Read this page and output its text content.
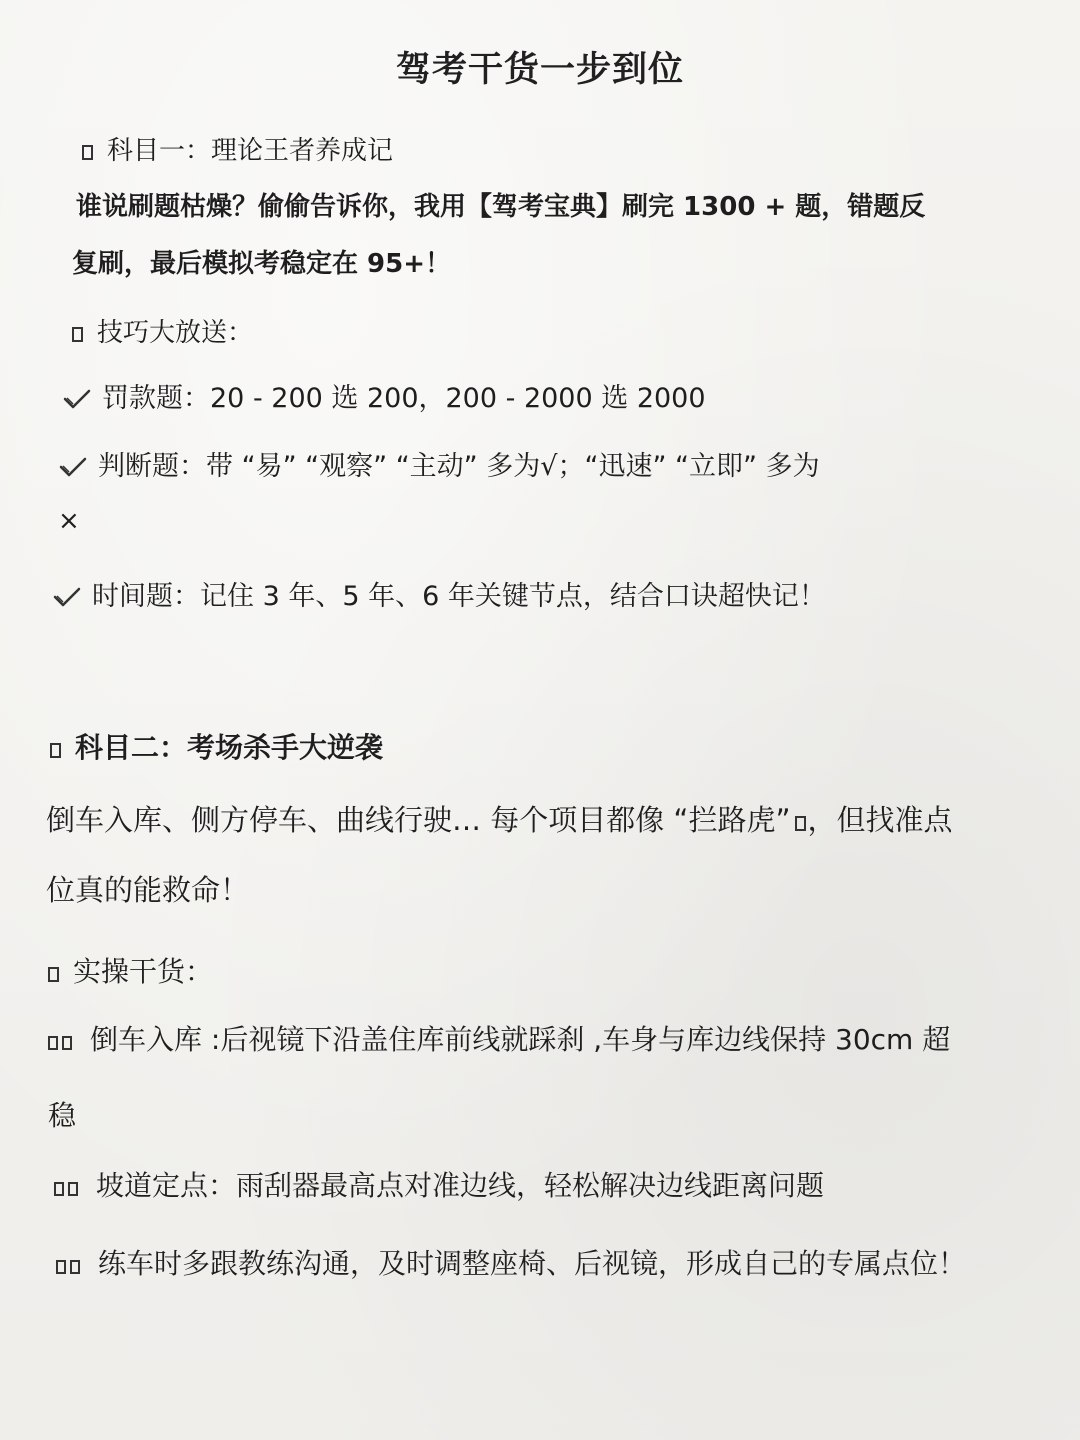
驾考干货一步到位
科目一：理论王者养成记
谁说刷题枯燥？偷偷告诉你，我用【驾考宝典】刷完 1300 + 题，错题反
复刷，最后模拟考稳定在 95+！
技巧大放送：
罚款题：20 - 200 选 200，200 - 2000 选 2000
判断题：带 “易” “观察” “主动” 多为√；“迅速” “立即” 多为
×
时间题：记住 3 年、5 年、6 年关键节点，结合口诀超快记！
科目二：考场杀手大逆袭
倒车入库、侧方停车、曲线行驶… 每个项目都像 “拦路虎” ，但找准点
位真的能救命！
实操干货：
倒车入库 :后视镜下沿盖住库前线就踩刹 ,车身与库边线保持 30cm 超
稳
坡道定点：雨刮器最高点对准边线，轻松解决边线距离问题
练车时多跟教练沟通，及时调整座椅、后视镜，形成自己的专属点位！
